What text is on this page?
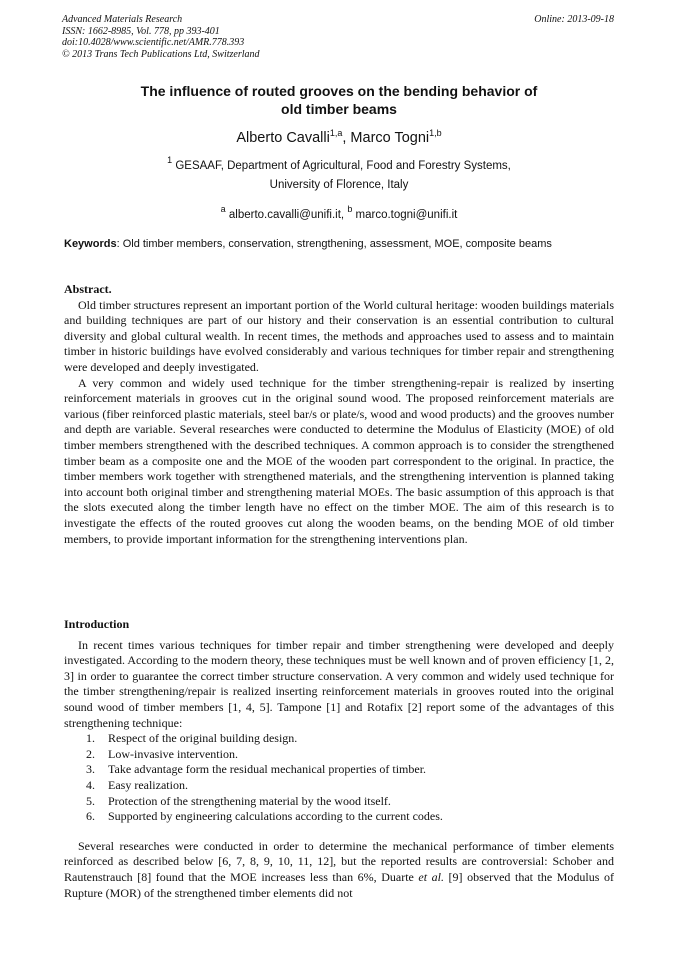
Advanced Materials Research
ISSN: 1662-8985, Vol. 778, pp 393-401
doi:10.4028/www.scientific.net/AMR.778.393
© 2013 Trans Tech Publications Ltd, Switzerland
Online: 2013-09-18
The influence of routed grooves on the bending behavior of
old timber beams
Alberto Cavalli$^{1,a}$, Marco Togni$^{1,b}$
$^1$ GESAAF, Department of Agricultural, Food and Forestry Systems,
University of Florence, Italy
$^a$ alberto.cavalli@unifi.it, $^b$ marco.togni@unifi.it
Keywords: Old timber members, conservation, strengthening, assessment, MOE, composite beams
Abstract.

Old timber structures represent an important portion of the World cultural heritage: wooden buildings materials and building techniques are part of our history and their conservation is an essential contribution to cultural diversity and global cultural wealth. In recent times, the methods and approaches used to assess and to maintain timber in historic buildings have evolved considerably and various techniques for timber repair and strengthening were developed and deeply investigated.

A very common and widely used technique for the timber strengthening-repair is realized by inserting reinforcement materials in grooves cut in the original sound wood. The proposed reinforcement materials are various (fiber reinforced plastic materials, steel bar/s or plate/s, wood and wood products) and the grooves number and depth are variable. Several researches were conducted to determine the Modulus of Elasticity (MOE) of old timber members strengthened with the described techniques. A common approach is to consider the strengthened timber beam as a composite one and the MOE of the wooden part correspondent to the original. In practice, the timber members work together with strengthened materials, and the strengthening intervention is planned taking into account both original timber and strengthening material MOEs. The basic assumption of this approach is that the slots executed along the timber length have no effect on the timber MOE. The aim of this research is to investigate the effects of the routed grooves cut along the wooden beams, on the bending MOE of old timber members, to provide important information for the strengthening interventions plan.

Introduction

In recent times various techniques for timber repair and timber strengthening were developed and deeply investigated. According to the modern theory, these techniques must be well known and of proven efficiency [1, 2, 3] in order to guarantee the correct timber structure conservation. A very common and widely used technique for the timber strengthening/repair is realized inserting reinforcement materials in grooves routed into the original sound wood of timber members [1, 4, 5]. Tampone [1] and Rotafix [2] report some of the advantages of this strengthening technique:

1. Respect of the original building design.
2. Low-invasive intervention.
3. Take advantage form the residual mechanical properties of timber.
4. Easy realization.
5. Protection of the strengthening material by the wood itself.
6. Supported by engineering calculations according to the current codes.

Several researches were conducted in order to determine the mechanical performance of timber elements reinforced as described below [6, 7, 8, 9, 10, 11, 12], but the reported results are controversial: Schober and Rautenstrauch [8] found that the MOE increases less than 6%, Duarte et al. [9] observed that the Modulus of Rupture (MOR) of the strengthened timber elements did not
